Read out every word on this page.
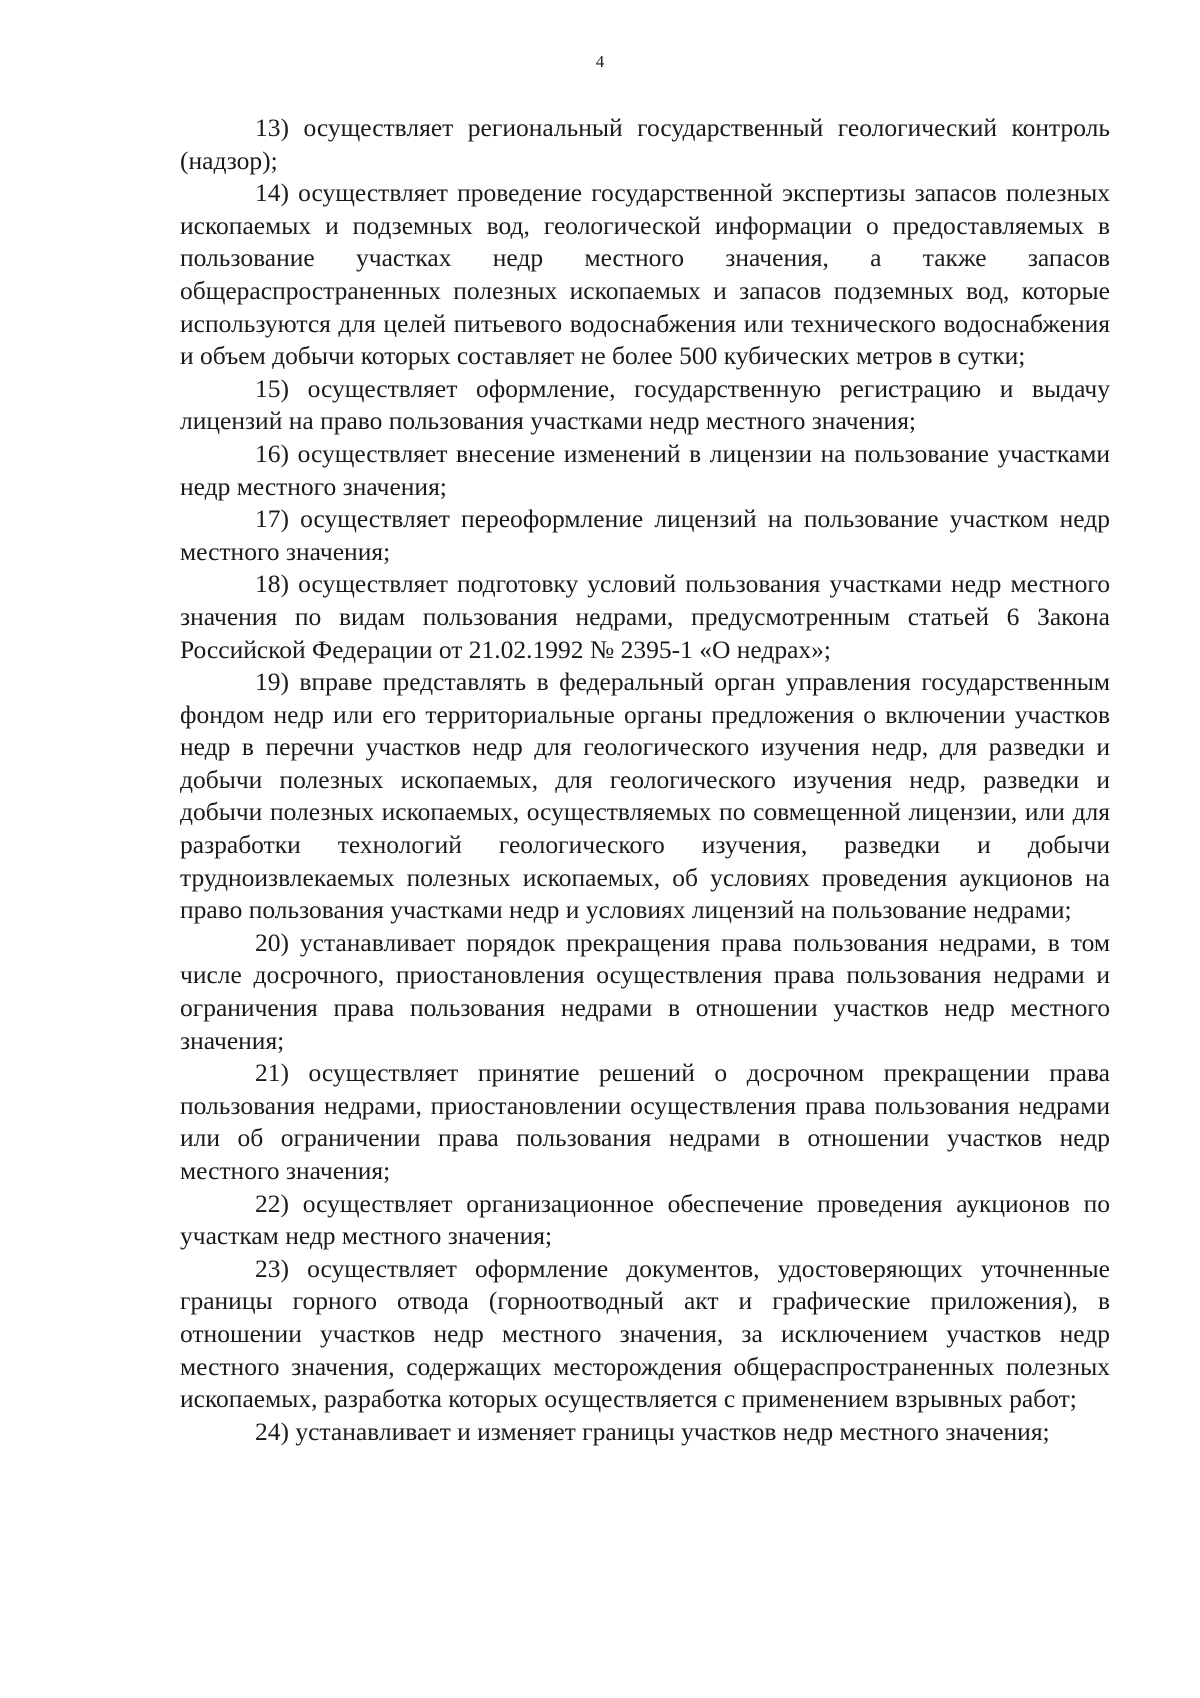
4

13) осуществляет региональный государственный геологический контроль (надзор);

14) осуществляет проведение государственной экспертизы запасов полезных ископаемых и подземных вод, геологической информации о предоставляемых в пользование участках недр местного значения, а также запасов общераспространенных полезных ископаемых и запасов подземных вод, которые используются для целей питьевого водоснабжения или технического водоснабжения и объем добычи которых составляет не более 500 кубических метров в сутки;

15) осуществляет оформление, государственную регистрацию и выдачу лицензий на право пользования участками недр местного значения;

16) осуществляет внесение изменений в лицензии на пользование участками недр местного значения;

17) осуществляет переоформление лицензий на пользование участком недр местного значения;

18) осуществляет подготовку условий пользования участками недр местного значения по видам пользования недрами, предусмотренным статьей 6 Закона Российской Федерации от 21.02.1992 № 2395-1 «О недрах»;

19) вправе представлять в федеральный орган управления государственным фондом недр или его территориальные органы предложения о включении участков недр в перечни участков недр для геологического изучения недр, для разведки и добычи полезных ископаемых, для геологического изучения недр, разведки и добычи полезных ископаемых, осуществляемых по совмещенной лицензии, или для разработки технологий геологического изучения, разведки и добычи трудноизвлекаемых полезных ископаемых, об условиях проведения аукционов на право пользования участками недр и условиях лицензий на пользование недрами;

20) устанавливает порядок прекращения права пользования недрами, в том числе досрочного, приостановления осуществления права пользования недрами и ограничения права пользования недрами в отношении участков недр местного значения;

21) осуществляет принятие решений о досрочном прекращении права пользования недрами, приостановлении осуществления права пользования недрами или об ограничении права пользования недрами в отношении участков недр местного значения;

22) осуществляет организационное обеспечение проведения аукционов по участкам недр местного значения;

23) осуществляет оформление документов, удостоверяющих уточненные границы горного отвода (горноотводный акт и графические приложения), в отношении участков недр местного значения, за исключением участков недр местного значения, содержащих месторождения общераспространенных полезных ископаемых, разработка которых осуществляется с применением взрывных работ;

24) устанавливает и изменяет границы участков недр местного значения;
